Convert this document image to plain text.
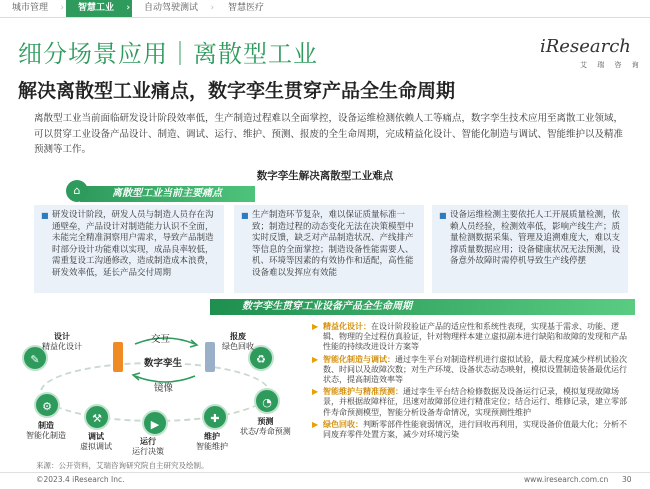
城市管理 ›	智慧工业 ›	自动驾驶测试 ›	智慧医疗
细分场景应用｜离散型工业
解决离散型工业痛点，数字孪生贯穿产品全生命周期
iResearch
艾 瑞 咨 询
离散型工业当前面临研发设计阶段效率低，生产制造过程难以全面掌控，设备运维检测依赖人工等痛点，数字孪生技术应用至离散工业领域，可以贯穿工业设备产品设计、制造、调试、运行、维护、预测、报废的全生命周期，完成精益化设计、智能化制造与调试、智能维护以及精准预测等工作。
数字孪生解决离散型工业难点
离散型工业当前主要痛点
⌂
■ 研发设计阶段，研发人员与制造人员存在沟通壁垒，产品设计对制造能力认识不全面，未能完全精准洞察用户需求，导致产品制造时部分设计功能难以实现，成品良率较低，需重复设工沟通修改，造成制造成本浪费，研发效率低，延长产品交付周期
■ 生产制造环节复杂，难以保证质量标准一致；制造过程的动态变化无法在决策模型中实时反馈，缺乏对产品制造状况、产线排产等信息的全面掌控；制造设备性能需要人、机、环境等因素的有效协作和适配，高性能设备难以发挥应有效能
■ 设备运维检测主要依托人工开展质量检测，依赖人员经验，检测效率低，影响产线生产；质量检测数据采集、管理及追溯难度大，难以支撑质量数据应用；设备健康状况无法预测，设备意外故障时需停机导致生产线停摆
数字孪生贯穿工业设备产品全生命周期
交互
数字孪生
镜像
✎
设计
精益化设计
⚙
制造
智能化制造
⚒
调试
虚拟调试
▶
运行
运行决策
✚
维护
智能维护
◔
预测
状态/寿命预测
♻
报废
绿色回收
▶ 精益化设计：在设计阶段验证产品的适应性和系统性表现，实现基于需求、功能、逻辑、物理的全过程仿真验证，针对物理样本建立虚拟副本进行缺陷和故障的发现和产品性能的持续改进设计方案等
▶ 智能化制造与调试：通过孪生平台对制造样机进行虚拟试验，最大程度减少样机试验次数、时间以及故障次数；对生产环境、设备状态动态映射，模拟设置制造装备最优运行状态，提高制造效率等
▶ 智能维护与精准预测：通过孪生平台结合检修数据及设备运行记录，模拟复现故障场景，并根据故障样征，迅速对故障部位进行精准定位；结合运行、维修记录，建立零部件寿命预测模型，智能分析设备寿命情况，实现预测性维护
▶ 绿色回收：判断零部件性能衰弱情况，进行回收再利用，实现设备价值最大化；分析不同废弃零件处置方案，减少对环境污染
来源：公开资料，艾瑞咨询研究院自主研究及绘制。
©2023.4 iResearch Inc.	www.iresearch.com.cn 30
